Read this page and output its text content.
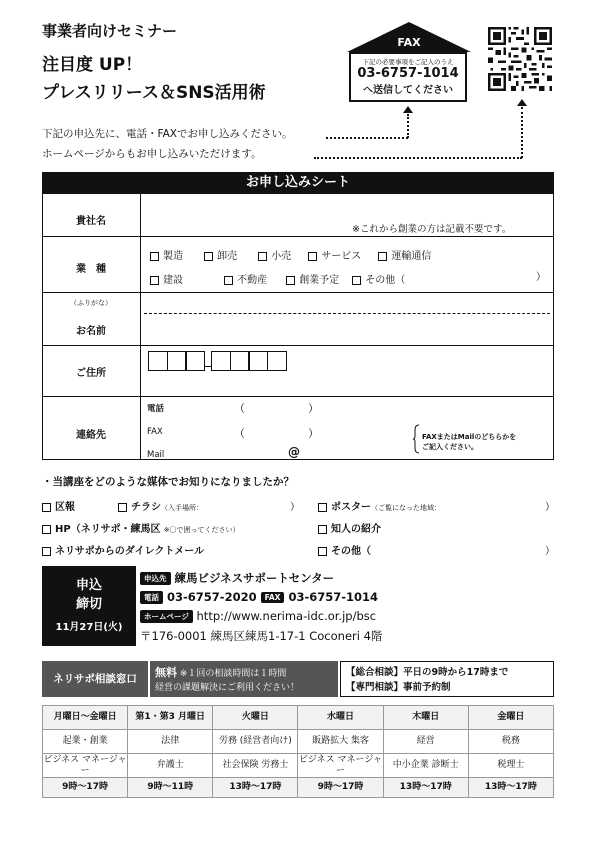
事業者向けセミナー
注目度 UP！
プレスリリース＆SNS活用術
FAX
下記の必要事項をご記入のうえ
03-6757-1014
へ送信してください
下記の申込先に、電話・FAXでお申し込みください。
ホームページからもお申し込みいただけます。
お申し込みシート
貴社名
※これから創業の方は記載不要です。
業　種
製造	卸売	小売	サービス	運輸通信
建設	不動産	創業予定	その他（	）
（ふりがな）
お名前
ご住所
連絡先
電話	（	）
FAX	（	）
Mail	@
FAXまたはMailのどちらかを
ご記入ください。
・当講座をどのような媒体でお知りになりましたか？
区報	チラシ（入手場所：	）
HP（ネリサポ・練馬区 ※〇で囲ってください）
ネリサポからのダイレクトメール
ポスター（ご覧になった地域：	）
知人の紹介
その他（	）
申込
締切
11月27日(火)
申込先 練馬ビジネスサポートセンター
電話 03-6757-2020 FAX 03-6757-1014
ホームページ http://www.nerima-idc.or.jp/bsc
〒176-0001 練馬区練馬1-17-1 Coconeri 4階
ネリサポ相談窓口	無料 ※１回の相談時間は１時間
経営の課題解決にご利用ください！
【総合相談】平日の9時から17時まで
【専門相談】事前予約制
月曜日～金曜日	第1・第3 月曜日	火曜日	水曜日	木曜日	金曜日
起業・創業	法律	労務 (経営者向け)	販路拡大 集客	経営	税務
ビジネス マネージャー	弁護士	社会保険 労務士	ビジネス マネージャー	中小企業 診断士	税理士
9時～17時	9時～11時	13時～17時	9時～17時	13時～17時	13時～17時
